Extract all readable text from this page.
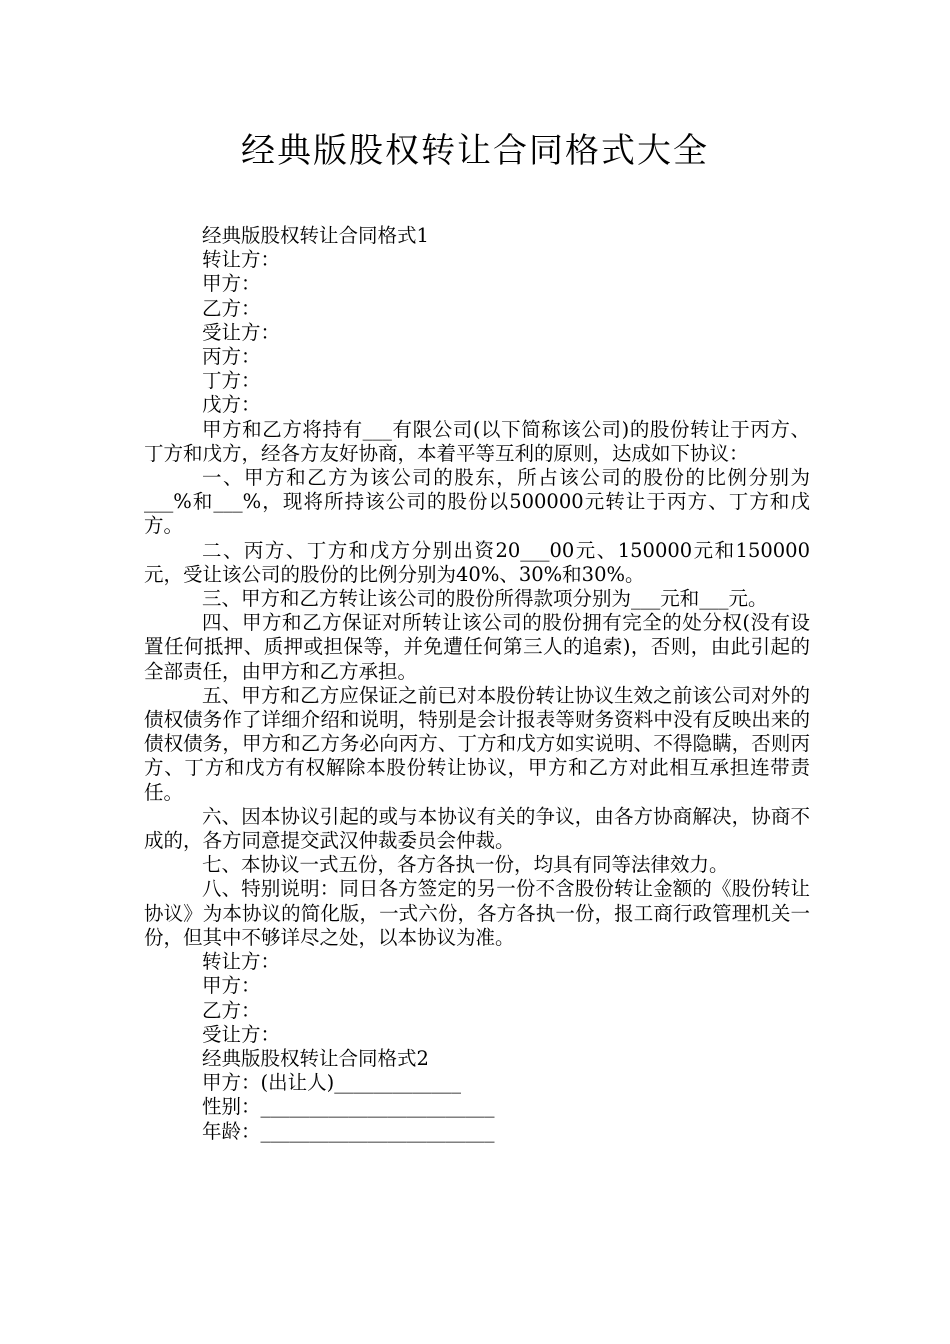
经典版股权转让合同格式大全

经典版股权转让合同格式1

转让方：

甲方：

乙方：

受让方：

丙方：

丁方：

戊方：

甲方和乙方将持有___有限公司(以下简称该公司)的股份转让于丙方、丁方和戊方，经各方友好协商，本着平等互利的原则，达成如下协议：

一、甲方和乙方为该公司的股东，所占该公司的股份的比例分别为___%和___%，现将所持该公司的股份以500000元转让于丙方、丁方和戊方。

二、丙方、丁方和戊方分别出资20___00元、150000元和150000元，受让该公司的股份的比例分别为40%、30%和30%。

三、甲方和乙方转让该公司的股份所得款项分别为___元和___元。

四、甲方和乙方保证对所转让该公司的股份拥有完全的处分权(没有设置任何抵押、质押或担保等，并免遭任何第三人的追索)，否则，由此引起的全部责任，由甲方和乙方承担。

五、甲方和乙方应保证之前已对本股份转让协议生效之前该公司对外的债权债务作了详细介绍和说明，特别是会计报表等财务资料中没有反映出来的债权债务，甲方和乙方务必向丙方、丁方和戊方如实说明、不得隐瞒，否则丙方、丁方和戊方有权解除本股份转让协议，甲方和乙方对此相互承担连带责任。

六、因本协议引起的或与本协议有关的争议，由各方协商解决，协商不成的，各方同意提交武汉仲裁委员会仲裁。

七、本协议一式五份，各方各执一份，均具有同等法律效力。

八、特别说明：同日各方签定的另一份不含股份转让金额的《股份转让协议》为本协议的简化版，一式六份，各方各执一份，报工商行政管理机关一份，但其中不够详尽之处，以本协议为准。

转让方：

甲方：

乙方：

受让方：

经典版股权转让合同格式2

甲方：(出让人)_____________

性别：________________________

年龄：________________________
